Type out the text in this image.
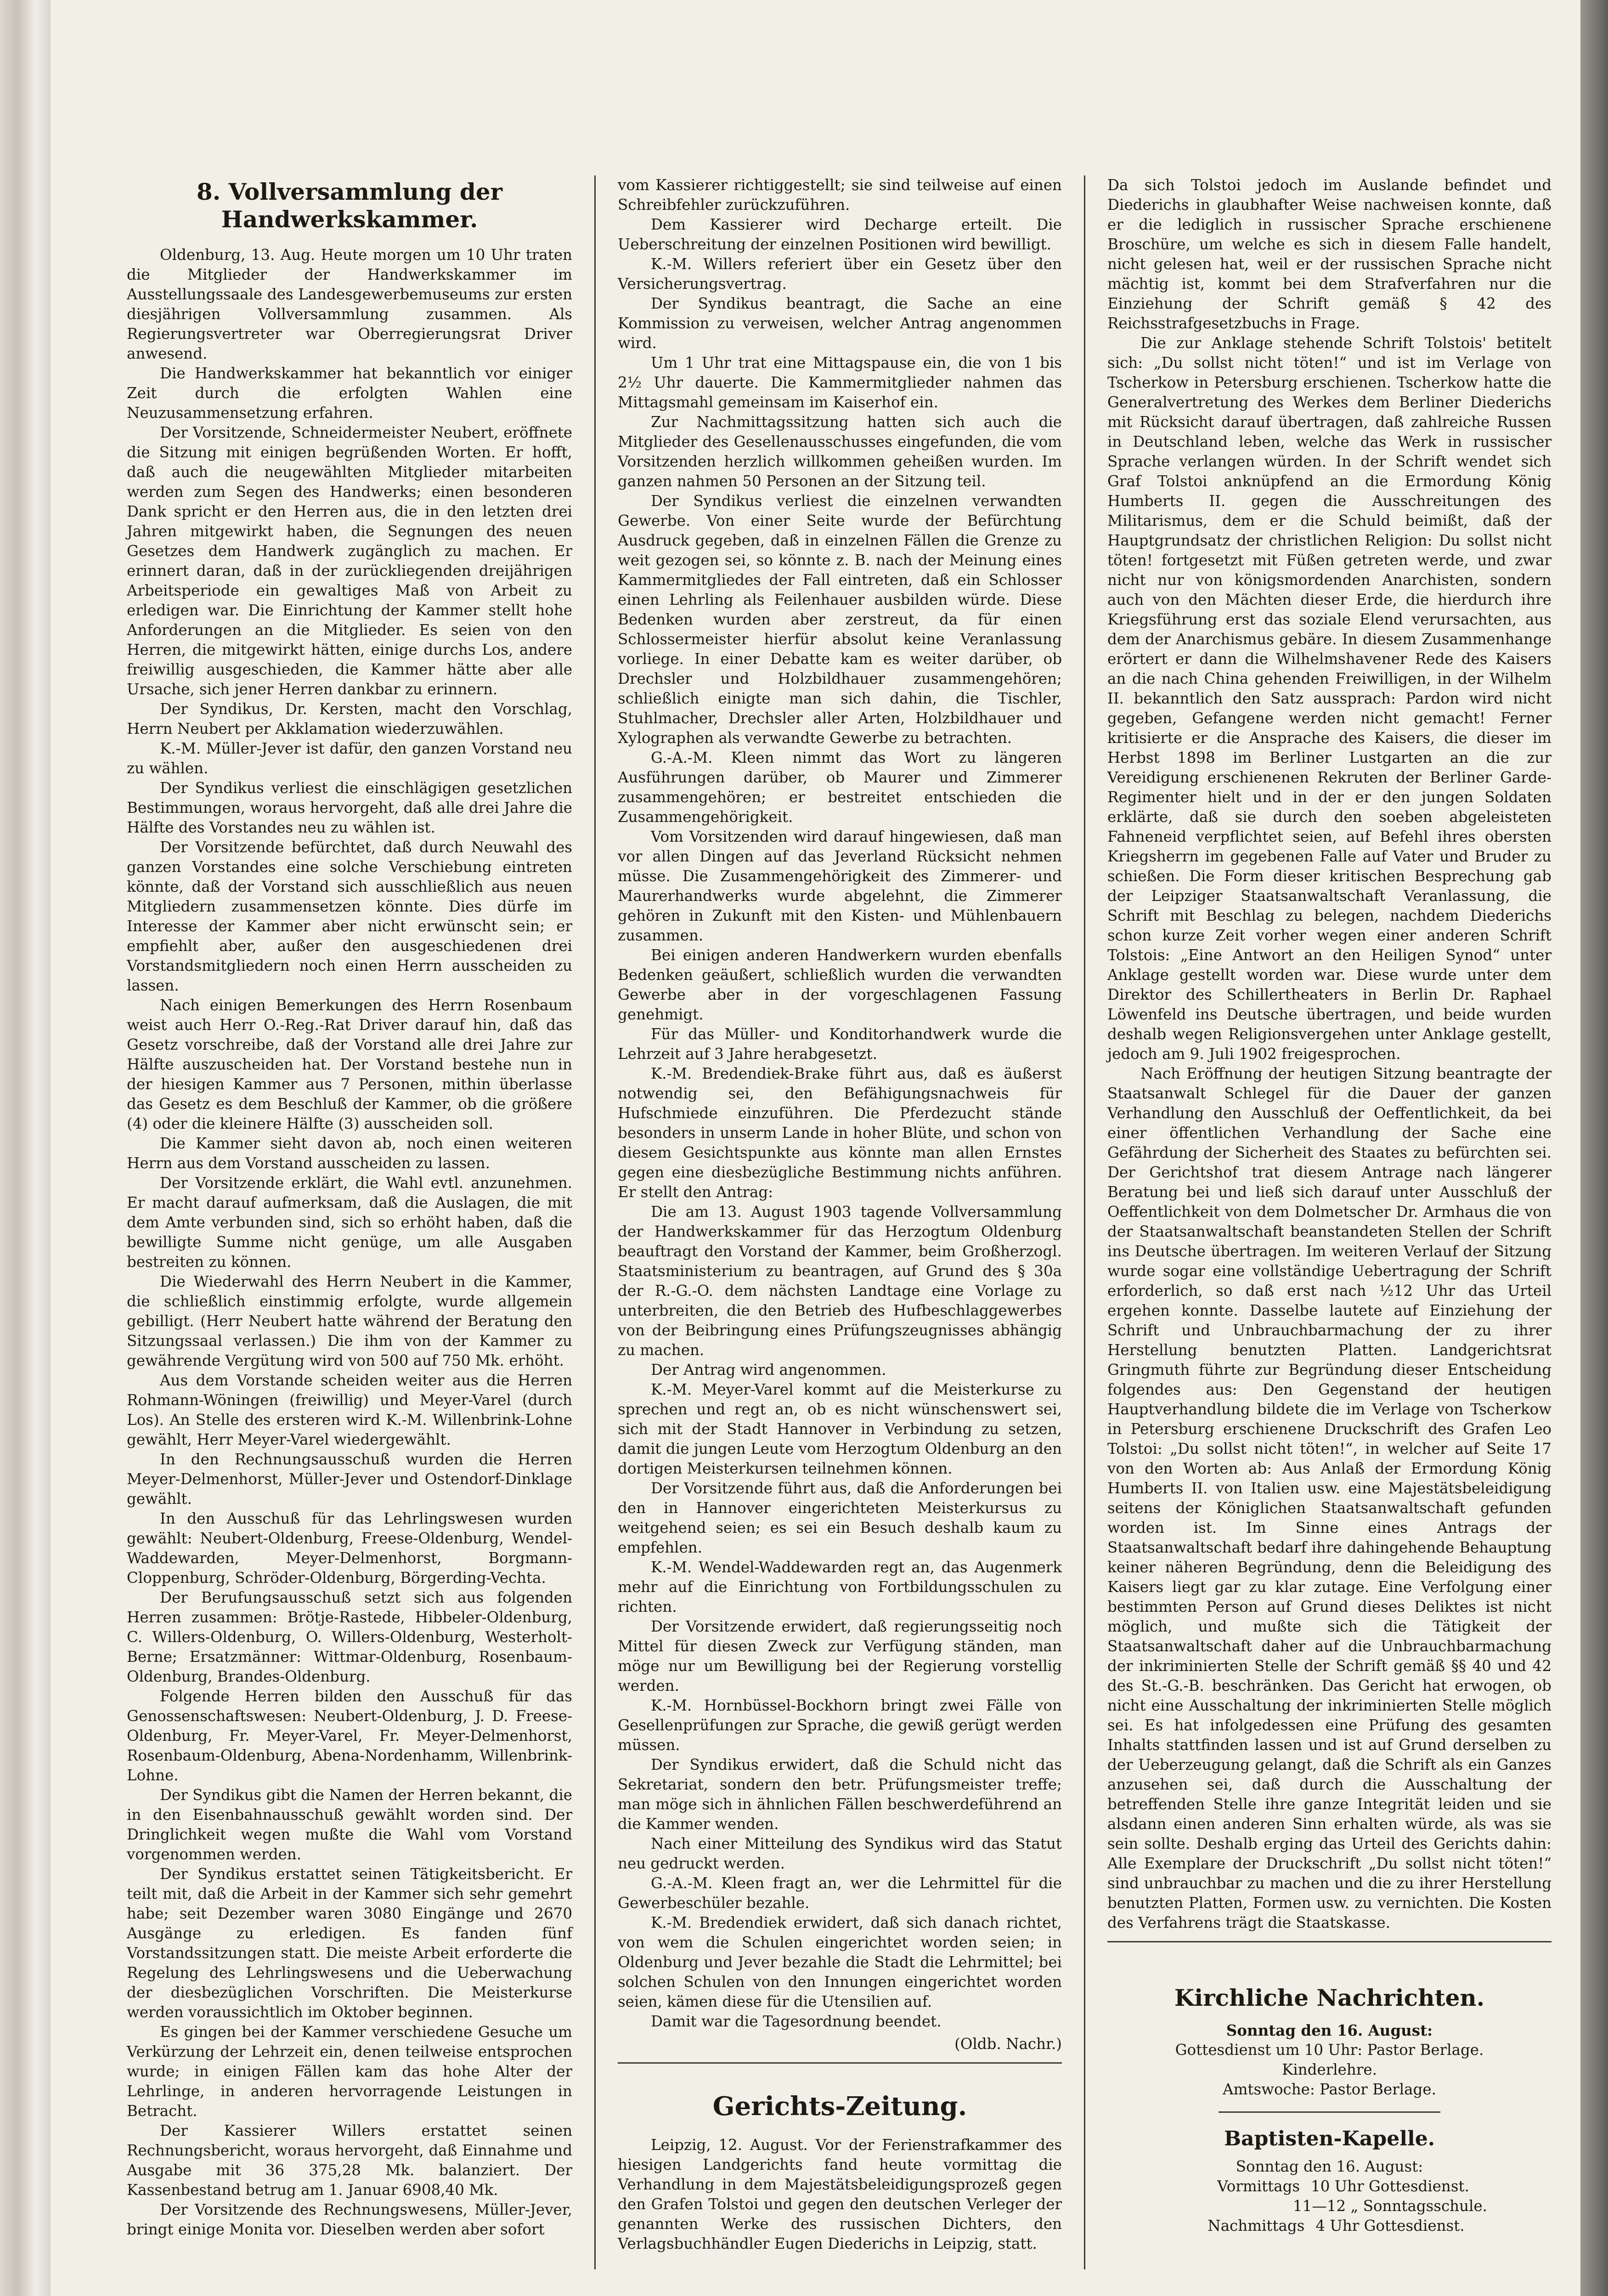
8. Vollversammlung der Handwerkskammer.

Oldenburg, 13. Aug. Heute morgen um 10 Uhr traten die Mitglieder der Handwerkskammer im Ausstellungssaale des Landesgewerbemuseums zur ersten diesjährigen Vollversammlung zusammen. Als Regierungsvertreter war Oberregierungsrat Driver anwesend.

Die Handwerkskammer hat bekanntlich vor einiger Zeit durch die erfolgten Wahlen eine Neuzusammensetzung erfahren.

Der Vorsitzende, Schneidermeister Neubert, eröffnete die Sitzung mit einigen begrüßenden Worten. Er hofft, daß auch die neugewählten Mitglieder mitarbeiten werden zum Segen des Handwerks; einen besonderen Dank spricht er den Herren aus, die in den letzten drei Jahren mitgewirkt haben, die Segnungen des neuen Gesetzes dem Handwerk zugänglich zu machen. Er erinnert daran, daß in der zurückliegenden dreijährigen Arbeitsperiode ein gewaltiges Maß von Arbeit zu erledigen war. Die Einrichtung der Kammer stellt hohe Anforderungen an die Mitglieder. Es seien von den Herren, die mitgewirkt hätten, einige durchs Los, andere freiwillig ausgeschieden, die Kammer hätte aber alle Ursache, sich jener Herren dankbar zu erinnern.

Der Syndikus, Dr. Kersten, macht den Vorschlag, Herrn Neubert per Akklamation wiederzuwählen.

K.-M. Müller-Jever ist dafür, den ganzen Vorstand neu zu wählen.

Der Syndikus verliest die einschlägigen gesetzlichen Bestimmungen, woraus hervorgeht, daß alle drei Jahre die Hälfte des Vorstandes neu zu wählen ist.

Der Vorsitzende befürchtet, daß durch Neuwahl des ganzen Vorstandes eine solche Verschiebung eintreten könnte, daß der Vorstand sich ausschließlich aus neuen Mitgliedern zusammensetzen könnte. Dies dürfe im Interesse der Kammer aber nicht erwünscht sein; er empfiehlt aber, außer den ausgeschiedenen drei Vorstandsmitgliedern noch einen Herrn ausscheiden zu lassen.

Nach einigen Bemerkungen des Herrn Rosenbaum weist auch Herr O.-Reg.-Rat Driver darauf hin, daß das Gesetz vorschreibe, daß der Vorstand alle drei Jahre zur Hälfte auszuscheiden hat. Der Vorstand bestehe nun in der hiesigen Kammer aus 7 Personen, mithin überlasse das Gesetz es dem Beschluß der Kammer, ob die größere (4) oder die kleinere Hälfte (3) ausscheiden soll.

Die Kammer sieht davon ab, noch einen weiteren Herrn aus dem Vorstand ausscheiden zu lassen.

Der Vorsitzende erklärt, die Wahl evtl. anzunehmen. Er macht darauf aufmerksam, daß die Auslagen, die mit dem Amte verbunden sind, sich so erhöht haben, daß die bewilligte Summe nicht genüge, um alle Ausgaben bestreiten zu können.

Die Wiederwahl des Herrn Neubert in die Kammer, die schließlich einstimmig erfolgte, wurde allgemein gebilligt. (Herr Neubert hatte während der Beratung den Sitzungssaal verlassen.) Die ihm von der Kammer zu gewährende Vergütung wird von 500 auf 750 Mk. erhöht.

Aus dem Vorstande scheiden weiter aus die Herren Rohmann-Wöningen (freiwillig) und Meyer-Varel (durch Los). An Stelle des ersteren wird K.-M. Willenbrink-Lohne gewählt, Herr Meyer-Varel wiedergewählt.

In den Rechnungsausschuß wurden die Herren Meyer-Delmenhorst, Müller-Jever und Ostendorf-Dinklage gewählt.

In den Ausschuß für das Lehrlingswesen wurden gewählt: Neubert-Oldenburg, Freese-Oldenburg, Wendel-Waddewarden, Meyer-Delmenhorst, Borgmann-Cloppenburg, Schröder-Oldenburg, Börgerding-Vechta.

Der Berufungsausschuß setzt sich aus folgenden Herren zusammen: Brötje-Rastede, Hibbeler-Oldenburg, C. Willers-Oldenburg, O. Willers-Oldenburg, Westerholt-Berne; Ersatzmänner: Wittmar-Oldenburg, Rosenbaum-Oldenburg, Brandes-Oldenburg.

Folgende Herren bilden den Ausschuß für das Genossenschaftswesen: Neubert-Oldenburg, J. D. Freese-Oldenburg, Fr. Meyer-Varel, Fr. Meyer-Delmenhorst, Rosenbaum-Oldenburg, Abena-Nordenhamm, Willenbrink-Lohne.

Der Syndikus gibt die Namen der Herren bekannt, die in den Eisenbahnausschuß gewählt worden sind. Der Dringlichkeit wegen mußte die Wahl vom Vorstand vorgenommen werden.

Der Syndikus erstattet seinen Tätigkeitsbericht. Er teilt mit, daß die Arbeit in der Kammer sich sehr gemehrt habe; seit Dezember waren 3080 Eingänge und 2670 Ausgänge zu erledigen. Es fanden fünf Vorstandssitzungen statt. Die meiste Arbeit erforderte die Regelung des Lehrlingswesens und die Ueberwachung der diesbezüglichen Vorschriften. Die Meisterkurse werden voraussichtlich im Oktober beginnen.

Es gingen bei der Kammer verschiedene Gesuche um Verkürzung der Lehrzeit ein, denen teilweise entsprochen wurde; in einigen Fällen kam das hohe Alter der Lehrlinge, in anderen hervorragende Leistungen in Betracht.

Der Kassierer Willers erstattet seinen Rechnungsbericht, woraus hervorgeht, daß Einnahme und Ausgabe mit 36 375,28 Mk. balanziert. Der Kassenbestand betrug am 1. Januar 6908,40 Mk.

Der Vorsitzende des Rechnungswesens, Müller-Jever, bringt einige Monita vor. Dieselben werden aber sofort

vom Kassierer richtiggestellt; sie sind teilweise auf einen Schreibfehler zurückzuführen.

Dem Kassierer wird Decharge erteilt. Die Ueberschreitung der einzelnen Positionen wird bewilligt.

K.-M. Willers referiert über ein Gesetz über den Versicherungsvertrag.

Der Syndikus beantragt, die Sache an eine Kommission zu verweisen, welcher Antrag angenommen wird.

Um 1 Uhr trat eine Mittagspause ein, die von 1 bis 2½ Uhr dauerte. Die Kammermitglieder nahmen das Mittagsmahl gemeinsam im Kaiserhof ein.

Zur Nachmittagssitzung hatten sich auch die Mitglieder des Gesellenausschusses eingefunden, die vom Vorsitzenden herzlich willkommen geheißen wurden. Im ganzen nahmen 50 Personen an der Sitzung teil.

Der Syndikus verliest die einzelnen verwandten Gewerbe. Von einer Seite wurde der Befürchtung Ausdruck gegeben, daß in einzelnen Fällen die Grenze zu weit gezogen sei, so könnte z. B. nach der Meinung eines Kammermitgliedes der Fall eintreten, daß ein Schlosser einen Lehrling als Feilenhauer ausbilden würde. Diese Bedenken wurden aber zerstreut, da für einen Schlossermeister hierfür absolut keine Veranlassung vorliege. In einer Debatte kam es weiter darüber, ob Drechsler und Holzbildhauer zusammengehören; schließlich einigte man sich dahin, die Tischler, Stuhlmacher, Drechsler aller Arten, Holzbildhauer und Xylographen als verwandte Gewerbe zu betrachten.

G.-A.-M. Kleen nimmt das Wort zu längeren Ausführungen darüber, ob Maurer und Zimmerer zusammengehören; er bestreitet entschieden die Zusammengehörigkeit.

Vom Vorsitzenden wird darauf hingewiesen, daß man vor allen Dingen auf das Jeverland Rücksicht nehmen müsse. Die Zusammengehörigkeit des Zimmerer- und Maurerhandwerks wurde abgelehnt, die Zimmerer gehören in Zukunft mit den Kisten- und Mühlenbauern zusammen.

Bei einigen anderen Handwerkern wurden ebenfalls Bedenken geäußert, schließlich wurden die verwandten Gewerbe aber in der vorgeschlagenen Fassung genehmigt.

Für das Müller- und Konditorhandwerk wurde die Lehrzeit auf 3 Jahre herabgesetzt.

K.-M. Bredendiek-Brake führt aus, daß es äußerst notwendig sei, den Befähigungsnachweis für Hufschmiede einzuführen. Die Pferdezucht stände besonders in unserm Lande in hoher Blüte, und schon von diesem Gesichtspunkte aus könnte man allen Ernstes gegen eine diesbezügliche Bestimmung nichts anführen. Er stellt den Antrag:

Die am 13. August 1903 tagende Vollversammlung der Handwerkskammer für das Herzogtum Oldenburg beauftragt den Vorstand der Kammer, beim Großherzogl. Staatsministerium zu beantragen, auf Grund des § 30a der R.-G.-O. dem nächsten Landtage eine Vorlage zu unterbreiten, die den Betrieb des Hufbeschlaggewerbes von der Beibringung eines Prüfungszeugnisses abhängig zu machen.

Der Antrag wird angenommen.

K.-M. Meyer-Varel kommt auf die Meisterkurse zu sprechen und regt an, ob es nicht wünschenswert sei, sich mit der Stadt Hannover in Verbindung zu setzen, damit die jungen Leute vom Herzogtum Oldenburg an den dortigen Meisterkursen teilnehmen können.

Der Vorsitzende führt aus, daß die Anforderungen bei den in Hannover eingerichteten Meisterkursus zu weitgehend seien; es sei ein Besuch deshalb kaum zu empfehlen.

K.-M. Wendel-Waddewarden regt an, das Augenmerk mehr auf die Einrichtung von Fortbildungsschulen zu richten.

Der Vorsitzende erwidert, daß regierungsseitig noch Mittel für diesen Zweck zur Verfügung ständen, man möge nur um Bewilligung bei der Regierung vorstellig werden.

K.-M. Hornbüssel-Bockhorn bringt zwei Fälle von Gesellenprüfungen zur Sprache, die gewiß gerügt werden müssen.

Der Syndikus erwidert, daß die Schuld nicht das Sekretariat, sondern den betr. Prüfungsmeister treffe; man möge sich in ähnlichen Fällen beschwerdeführend an die Kammer wenden.

Nach einer Mitteilung des Syndikus wird das Statut neu gedruckt werden.

G.-A.-M. Kleen fragt an, wer die Lehrmittel für die Gewerbeschüler bezahle.

K.-M. Bredendiek erwidert, daß sich danach richtet, von wem die Schulen eingerichtet worden seien; in Oldenburg und Jever bezahle die Stadt die Lehrmittel; bei solchen Schulen von den Innungen eingerichtet worden seien, kämen diese für die Utensilien auf.

Damit war die Tagesordnung beendet.

(Oldb. Nachr.)

Gerichts-Zeitung.

Leipzig, 12. August. Vor der Ferienstrafkammer des hiesigen Landgerichts fand heute vormittag die Verhandlung in dem Majestätsbeleidigungsprozeß gegen den Grafen Tolstoi und gegen den deutschen Verleger der genannten Werke des russischen Dichters, den Verlagsbuchhändler Eugen Diederichs in Leipzig, statt.

Da sich Tolstoi jedoch im Auslande befindet und Diederichs in glaubhafter Weise nachweisen konnte, daß er die lediglich in russischer Sprache erschienene Broschüre, um welche es sich in diesem Falle handelt, nicht gelesen hat, weil er der russischen Sprache nicht mächtig ist, kommt bei dem Strafverfahren nur die Einziehung der Schrift gemäß § 42 des Reichsstrafgesetzbuchs in Frage.

Die zur Anklage stehende Schrift Tolstois' betitelt sich: „Du sollst nicht töten!“ und ist im Verlage von Tscherkow in Petersburg erschienen. Tscherkow hatte die Generalvertretung des Werkes dem Berliner Diederichs mit Rücksicht darauf übertragen, daß zahlreiche Russen in Deutschland leben, welche das Werk in russischer Sprache verlangen würden. In der Schrift wendet sich Graf Tolstoi anknüpfend an die Ermordung König Humberts II. gegen die Ausschreitungen des Militarismus, dem er die Schuld beimißt, daß der Hauptgrundsatz der christlichen Religion: Du sollst nicht töten! fortgesetzt mit Füßen getreten werde, und zwar nicht nur von königsmordenden Anarchisten, sondern auch von den Mächten dieser Erde, die hierdurch ihre Kriegsführung erst das soziale Elend verursachten, aus dem der Anarchismus gebäre. In diesem Zusammenhange erörtert er dann die Wilhelmshavener Rede des Kaisers an die nach China gehenden Freiwilligen, in der Wilhelm II. bekanntlich den Satz aussprach: Pardon wird nicht gegeben, Gefangene werden nicht gemacht! Ferner kritisierte er die Ansprache des Kaisers, die dieser im Herbst 1898 im Berliner Lustgarten an die zur Vereidigung erschienenen Rekruten der Berliner Garde-Regimenter hielt und in der er den jungen Soldaten erklärte, daß sie durch den soeben abgeleisteten Fahneneid verpflichtet seien, auf Befehl ihres obersten Kriegsherrn im gegebenen Falle auf Vater und Bruder zu schießen. Die Form dieser kritischen Besprechung gab der Leipziger Staatsanwaltschaft Veranlassung, die Schrift mit Beschlag zu belegen, nachdem Diederichs schon kurze Zeit vorher wegen einer anderen Schrift Tolstois: „Eine Antwort an den Heiligen Synod“ unter Anklage gestellt worden war. Diese wurde unter dem Direktor des Schillertheaters in Berlin Dr. Raphael Löwenfeld ins Deutsche übertragen, und beide wurden deshalb wegen Religionsvergehen unter Anklage gestellt, jedoch am 9. Juli 1902 freigesprochen.

Nach Eröffnung der heutigen Sitzung beantragte der Staatsanwalt Schlegel für die Dauer der ganzen Verhandlung den Ausschluß der Oeffentlichkeit, da bei einer öffentlichen Verhandlung der Sache eine Gefährdung der Sicherheit des Staates zu befürchten sei. Der Gerichtshof trat diesem Antrage nach längerer Beratung bei und ließ sich darauf unter Ausschluß der Oeffentlichkeit von dem Dolmetscher Dr. Armhaus die von der Staatsanwaltschaft beanstandeten Stellen der Schrift ins Deutsche übertragen. Im weiteren Verlauf der Sitzung wurde sogar eine vollständige Uebertragung der Schrift erforderlich, so daß erst nach ½12 Uhr das Urteil ergehen konnte. Dasselbe lautete auf Einziehung der Schrift und Unbrauchbarmachung der zu ihrer Herstellung benutzten Platten. Landgerichtsrat Gringmuth führte zur Begründung dieser Entscheidung folgendes aus: Den Gegenstand der heutigen Hauptverhandlung bildete die im Verlage von Tscherkow in Petersburg erschienene Druckschrift des Grafen Leo Tolstoi: „Du sollst nicht töten!“, in welcher auf Seite 17 von den Worten ab: Aus Anlaß der Ermordung König Humberts II. von Italien usw. eine Majestätsbeleidigung seitens der Königlichen Staatsanwaltschaft gefunden worden ist. Im Sinne eines Antrags der Staatsanwaltschaft bedarf ihre dahingehende Behauptung keiner näheren Begründung, denn die Beleidigung des Kaisers liegt gar zu klar zutage. Eine Verfolgung einer bestimmten Person auf Grund dieses Deliktes ist nicht möglich, und mußte sich die Tätigkeit der Staatsanwaltschaft daher auf die Unbrauchbarmachung der inkriminierten Stelle der Schrift gemäß §§ 40 und 42 des St.-G.-B. beschränken. Das Gericht hat erwogen, ob nicht eine Ausschaltung der inkriminierten Stelle möglich sei. Es hat infolgedessen eine Prüfung des gesamten Inhalts stattfinden lassen und ist auf Grund derselben zu der Ueberzeugung gelangt, daß die Schrift als ein Ganzes anzusehen sei, daß durch die Ausschaltung der betreffenden Stelle ihre ganze Integrität leiden und sie alsdann einen anderen Sinn erhalten würde, als was sie sein sollte. Deshalb erging das Urteil des Gerichts dahin: Alle Exemplare der Druckschrift „Du sollst nicht töten!“ sind unbrauchbar zu machen und die zu ihrer Herstellung benutzten Platten, Formen usw. zu vernichten. Die Kosten des Verfahrens trägt die Staatskasse.

Kirchliche Nachrichten.

Sonntag den 16. August:

Gottesdienst um 10 Uhr: Pastor Berlage.

Kinderlehre.

Amtswoche: Pastor Berlage.

Baptisten-Kapelle.

Sonntag den 16. August:

Vormittags 10 Uhr Gottesdienst.
11—12 „ Sonntagsschule.
Nachmittags 4 Uhr Gottesdienst.
